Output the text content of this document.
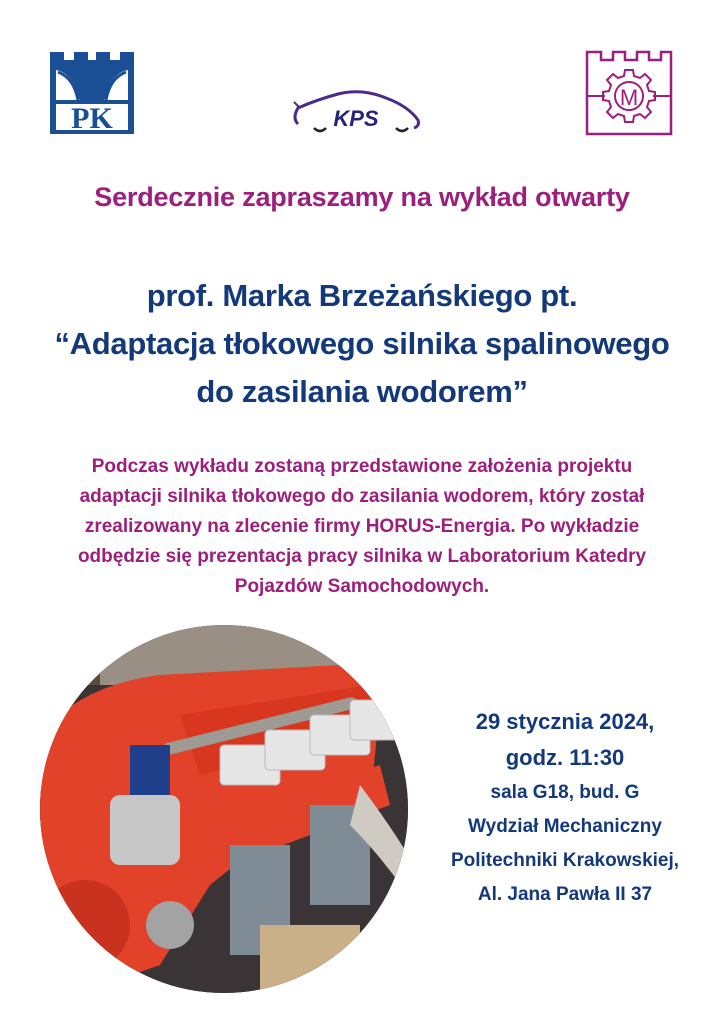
PK	KPS
M
Serdecznie zapraszamy na wykład otwarty
prof. Marka Brzeżańskiego pt.
“Adaptacja tłokowego silnika spalinowego
do zasilania wodorem”
Podczas wykładu zostaną przedstawione założenia projektu
adaptacji silnika tłokowego do zasilania wodorem, który został
zrealizowany na zlecenie firmy HORUS-Energia. Po wykładzie
odbędzie się prezentacja pracy silnika w Laboratorium Katedry
Pojazdów Samochodowych.
29 stycznia 2024,
godz. 11:30
sala G18, bud. G
Wydział Mechaniczny
Politechniki Krakowskiej,
Al. Jana Pawła II 37
